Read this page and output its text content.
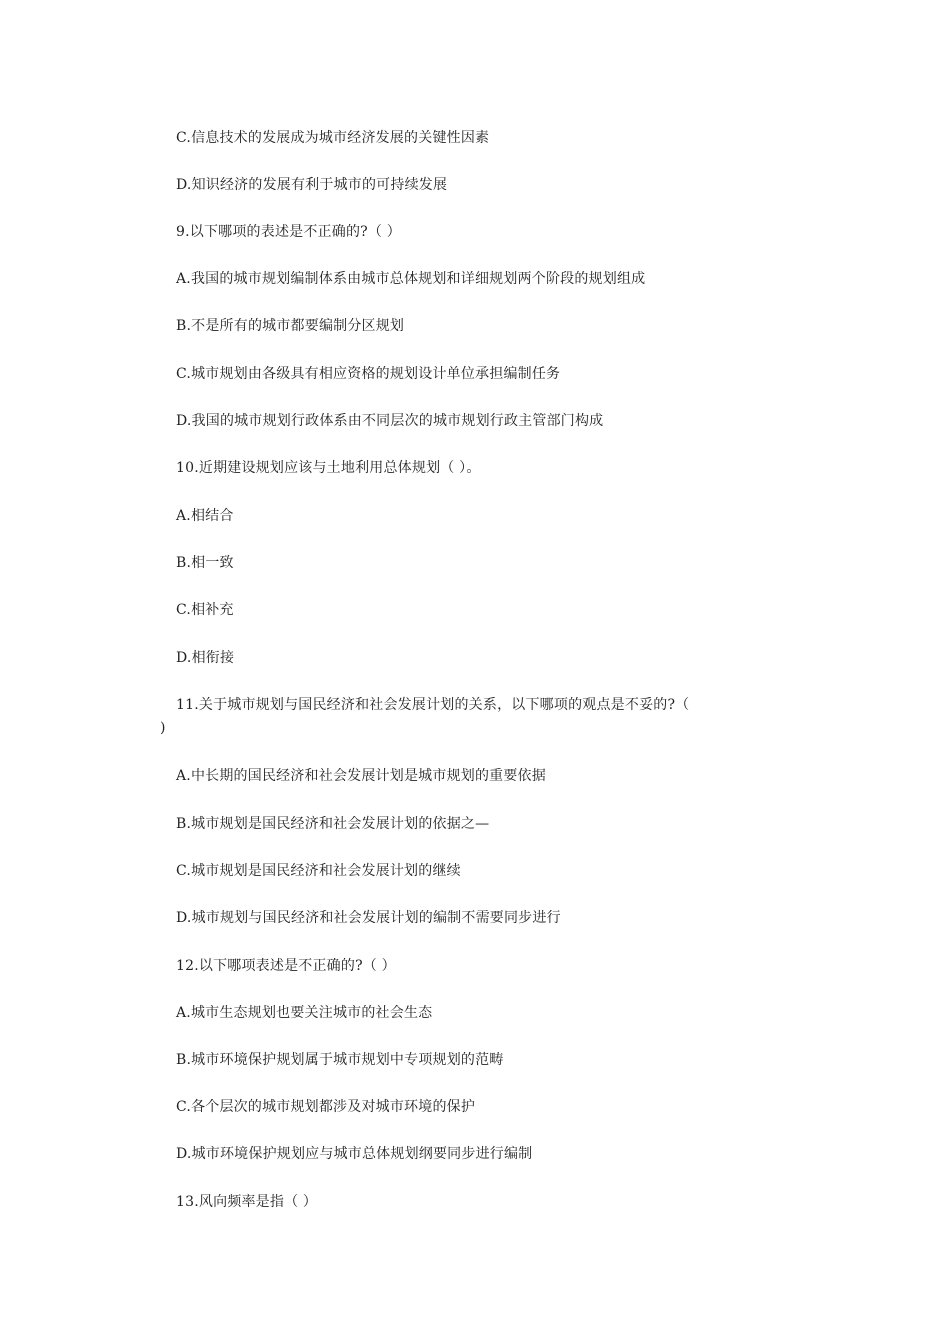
C.信息技术的发展成为城市经济发展的关键性因素
D.知识经济的发展有利于城市的可持续发展
9.以下哪项的表述是不正确的?（ ）
A.我国的城市规划编制体系由城市总体规划和详细规划两个阶段的规划组成
B.不是所有的城市都要编制分区规划
C.城市规划由各级具有相应资格的规划设计单位承担编制任务
D.我国的城市规划行政体系由不同层次的城市规划行政主管部门构成
10.近期建设规划应该与土地利用总体规划（ ）。
A.相结合
B.相一致
C.相补充
D.相衔接
11.关于城市规划与国民经济和社会发展计划的关系，以下哪项的观点是不妥的?（
)
A.中长期的国民经济和社会发展计划是城市规划的重要依据
B.城市规划是国民经济和社会发展计划的依据之—
C.城市规划是国民经济和社会发展计划的继续
D.城市规划与国民经济和社会发展计划的编制不需要同步进行
12.以下哪项表述是不正确的?（ ）
A.城市生态规划也要关注城市的社会生态
B.城市环境保护规划属于城市规划中专项规划的范畴
C.各个层次的城市规划都涉及对城市环境的保护
D.城市环境保护规划应与城市总体规划纲要同步进行编制
13.风向频率是指（ ）
